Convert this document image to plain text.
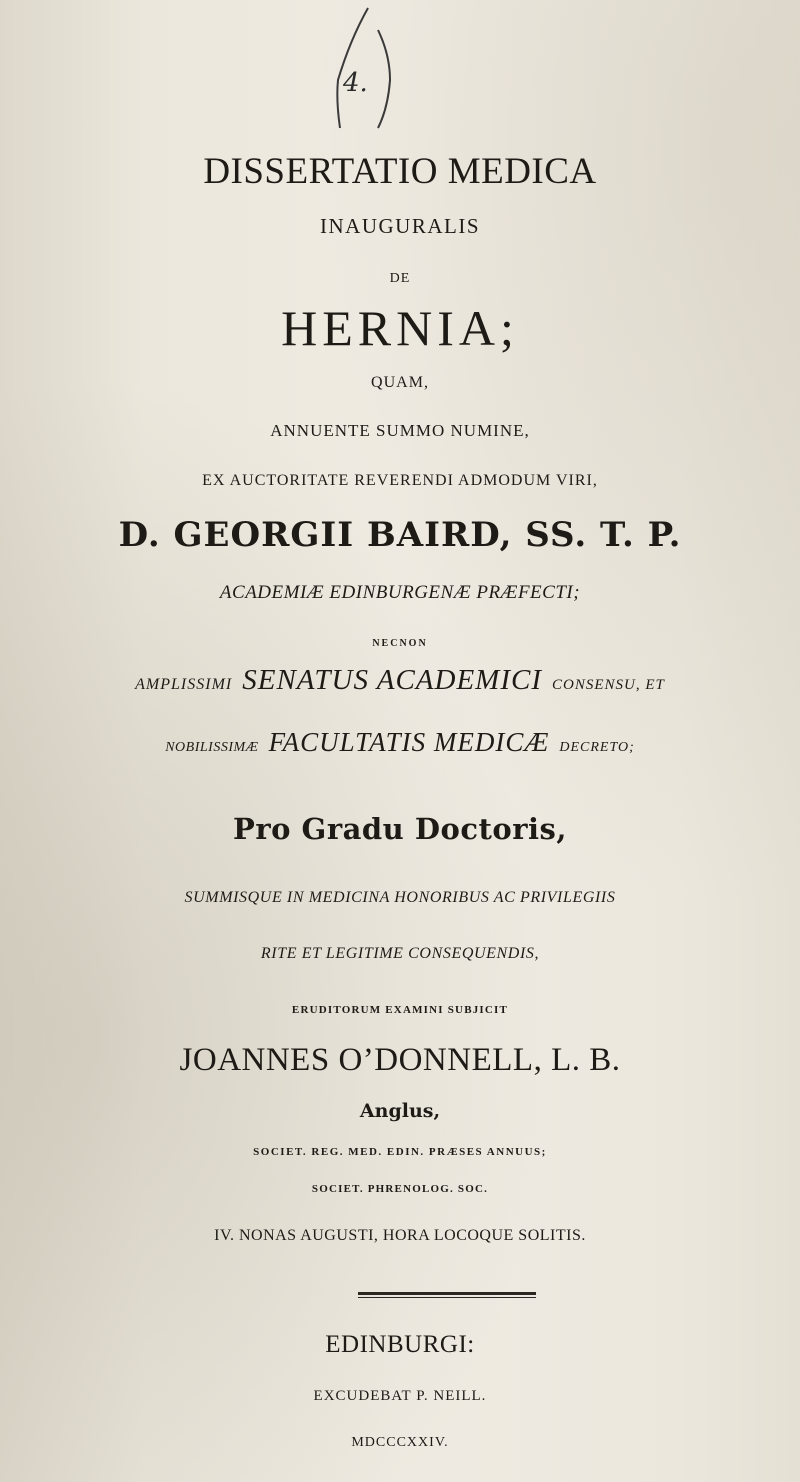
4.
DISSERTATIO MEDICA
INAUGURALIS
DE
HERNIA;
QUAM,
ANNUENTE SUMMO NUMINE,
EX AUCTORITATE REVERENDI ADMODUM VIRI,
D. GEORGII BAIRD, SS. T. P.
ACADEMIÆ EDINBURGENÆ PRÆFECTI;
NECNON
AMPLISSIMI SENATUS ACADEMICI CONSENSU, ET
NOBILISSIMÆ FACULTATIS MEDICÆ DECRETO;
Pro Gradu Doctoris,
SUMMISQUE IN MEDICINA HONORIBUS AC PRIVILEGIIS
RITE ET LEGITIME CONSEQUENDIS,
ERUDITORUM EXAMINI SUBJICIT
JOANNES O’DONNELL, L. B.
Anglus,
SOCIET. REG. MED. EDIN. PRÆSES ANNUUS;
SOCIET. PHRENOLOG. SOC.
IV. NONAS AUGUSTI, HORA LOCOQUE SOLITIS.
EDINBURGI:
EXCUDEBAT P. NEILL.
MDCCCXXIV.
